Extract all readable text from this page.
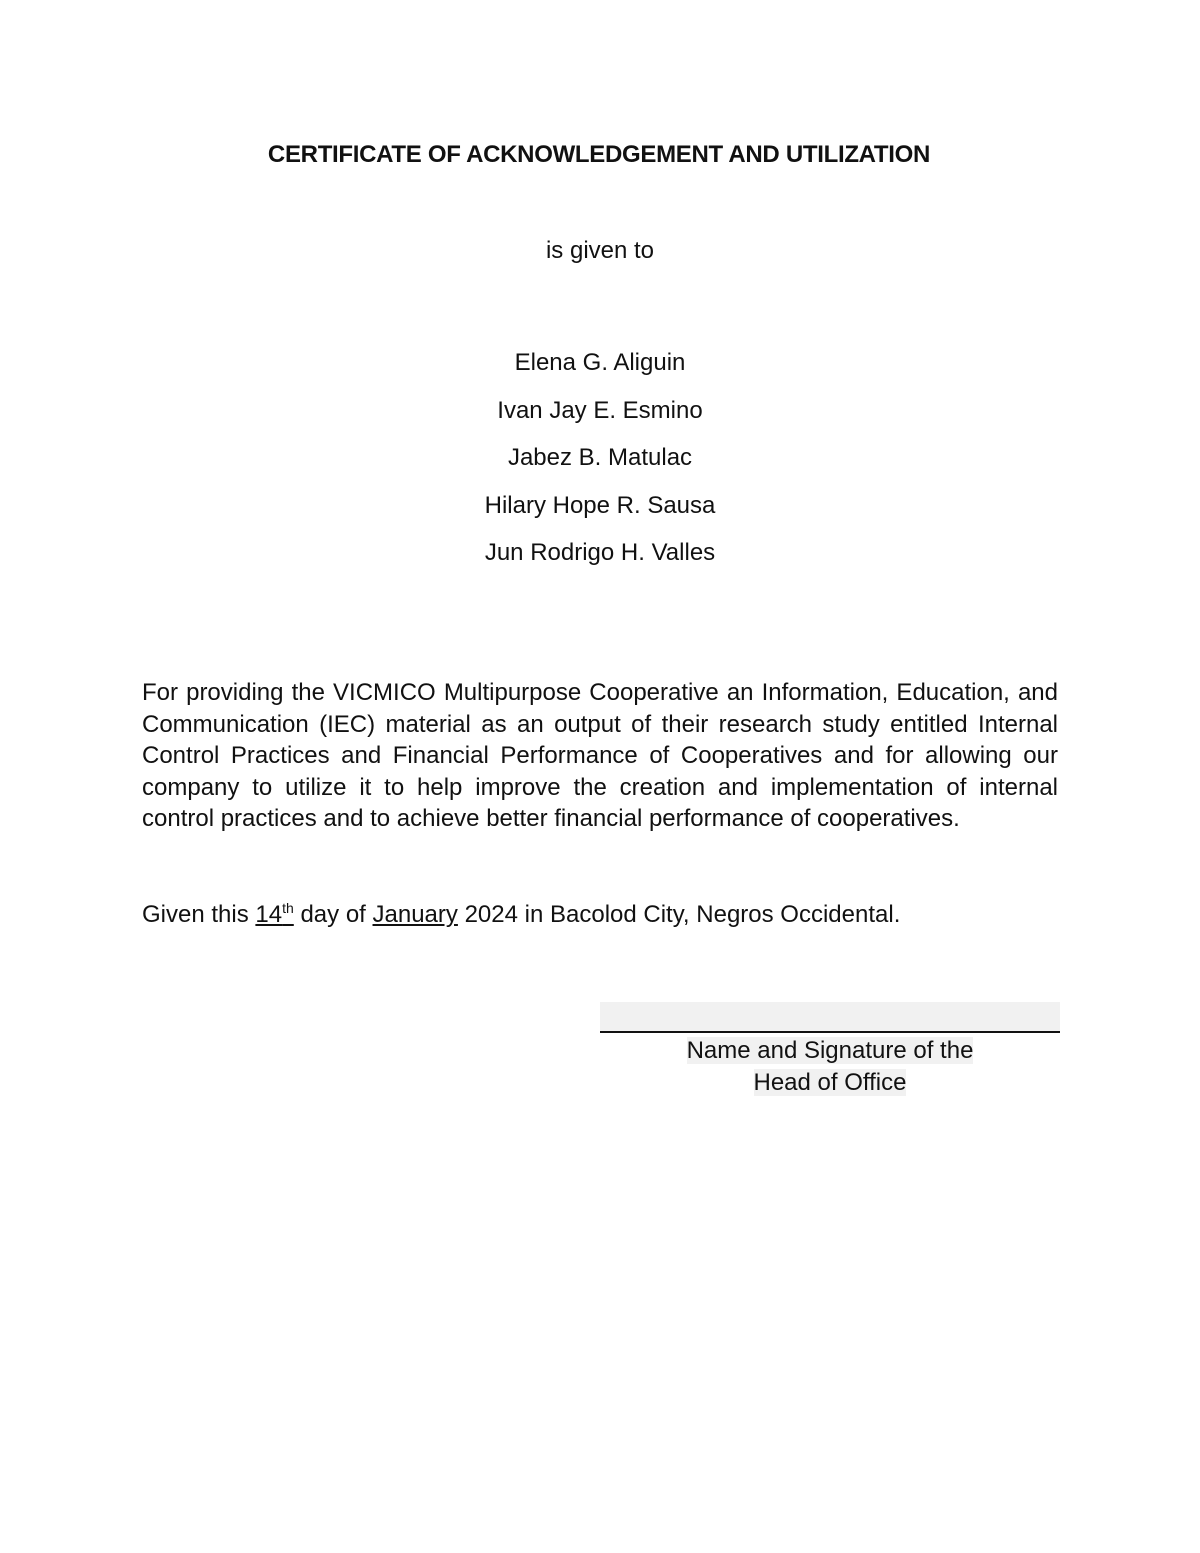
CERTIFICATE OF ACKNOWLEDGEMENT AND UTILIZATION
is given to
Elena G. Aliguin
Ivan Jay E. Esmino
Jabez B. Matulac
Hilary Hope R. Sausa
Jun Rodrigo H. Valles

For providing the VICMICO Multipurpose Cooperative an Information, Education, and Communication (IEC) material as an output of their research study entitled Internal Control Practices and Financial Performance of Cooperatives and for allowing our company to utilize it to help improve the creation and implementation of internal control practices and to achieve better financial performance of cooperatives.

Given this 14th day of January 2024 in Bacolod City, Negros Occidental.

Name and Signature of the
Head of Office
